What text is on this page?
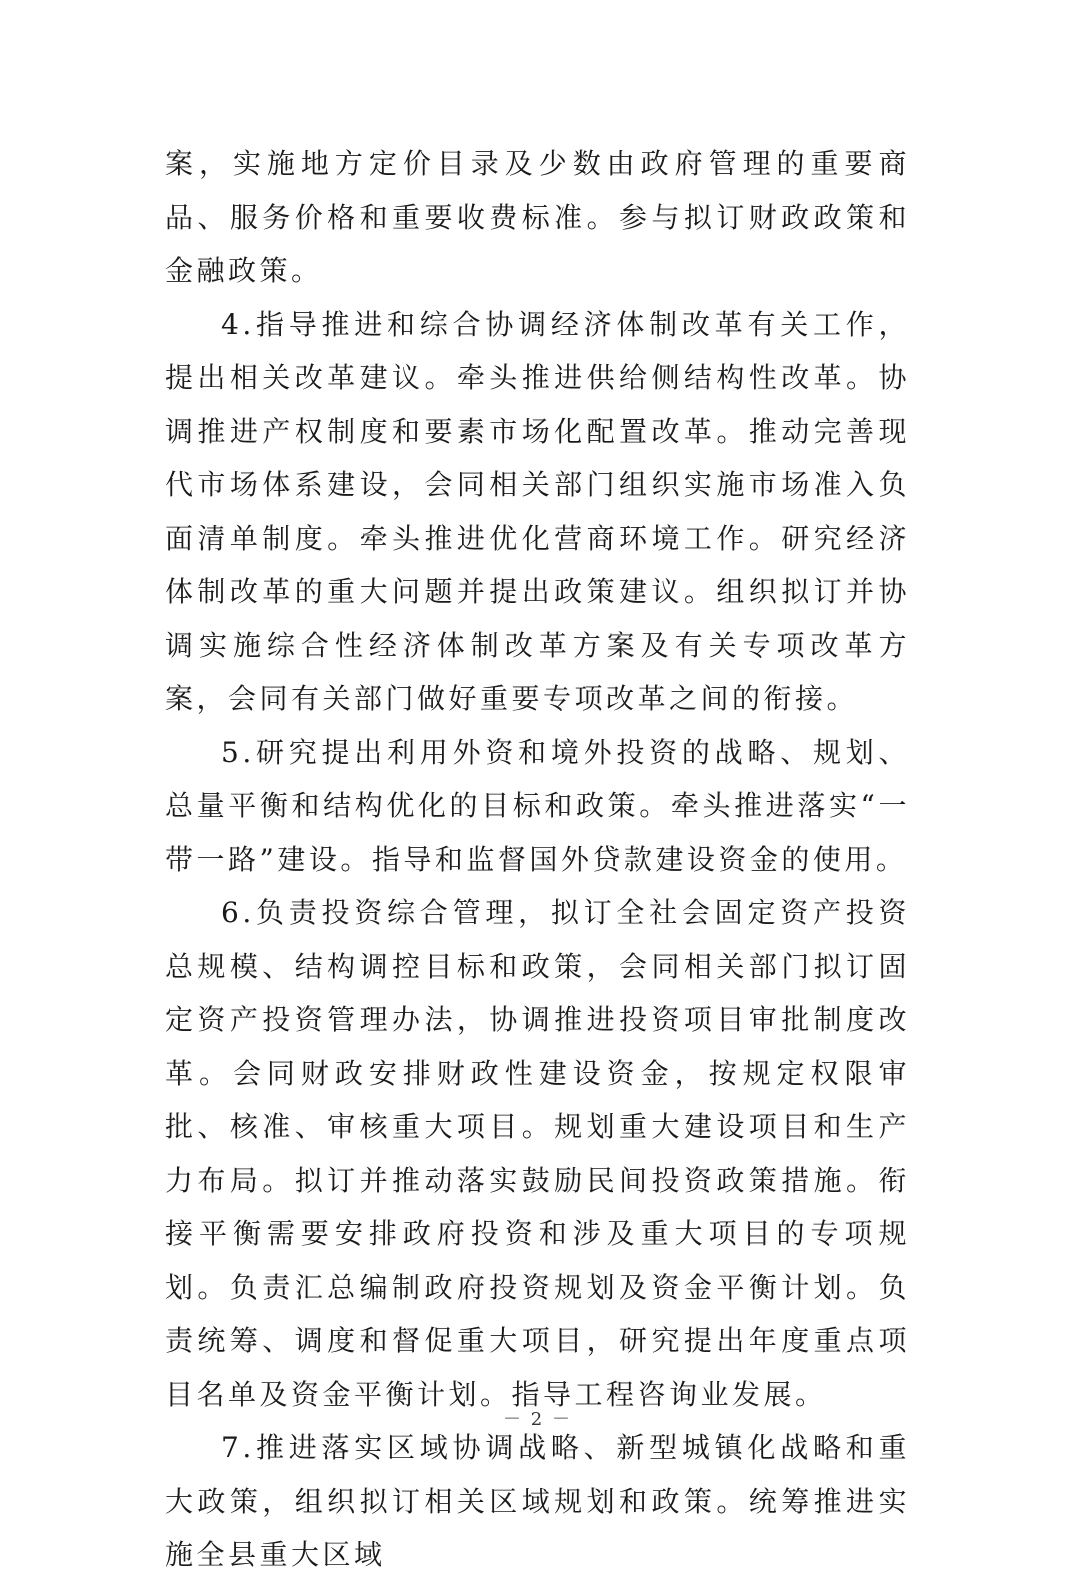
案，实施地方定价目录及少数由政府管理的重要商品、服务价格和重要收费标准。参与拟订财政政策和金融政策。

4.指导推进和综合协调经济体制改革有关工作，提出相关改革建议。牵头推进供给侧结构性改革。协调推进产权制度和要素市场化配置改革。推动完善现代市场体系建设，会同相关部门组织实施市场准入负面清单制度。牵头推进优化营商环境工作。研究经济体制改革的重大问题并提出政策建议。组织拟订并协调实施综合性经济体制改革方案及有关专项改革方案，会同有关部门做好重要专项改革之间的衔接。

5.研究提出利用外资和境外投资的战略、规划、总量平衡和结构优化的目标和政策。牵头推进落实“一带一路”建设。指导和监督国外贷款建设资金的使用。

6.负责投资综合管理，拟订全社会固定资产投资总规模、结构调控目标和政策，会同相关部门拟订固定资产投资管理办法，协调推进投资项目审批制度改革。会同财政安排财政性建设资金，按规定权限审批、核准、审核重大项目。规划重大建设项目和生产力布局。拟订并推动落实鼓励民间投资政策措施。衔接平衡需要安排政府投资和涉及重大项目的专项规划。负责汇总编制政府投资规划及资金平衡计划。负责统筹、调度和督促重大项目，研究提出年度重点项目名单及资金平衡计划。指导工程咨询业发展。

7.推进落实区域协调战略、新型城镇化战略和重大政策，组织拟订相关区域规划和政策。统筹推进实施全县重大区域

－ 2 －
